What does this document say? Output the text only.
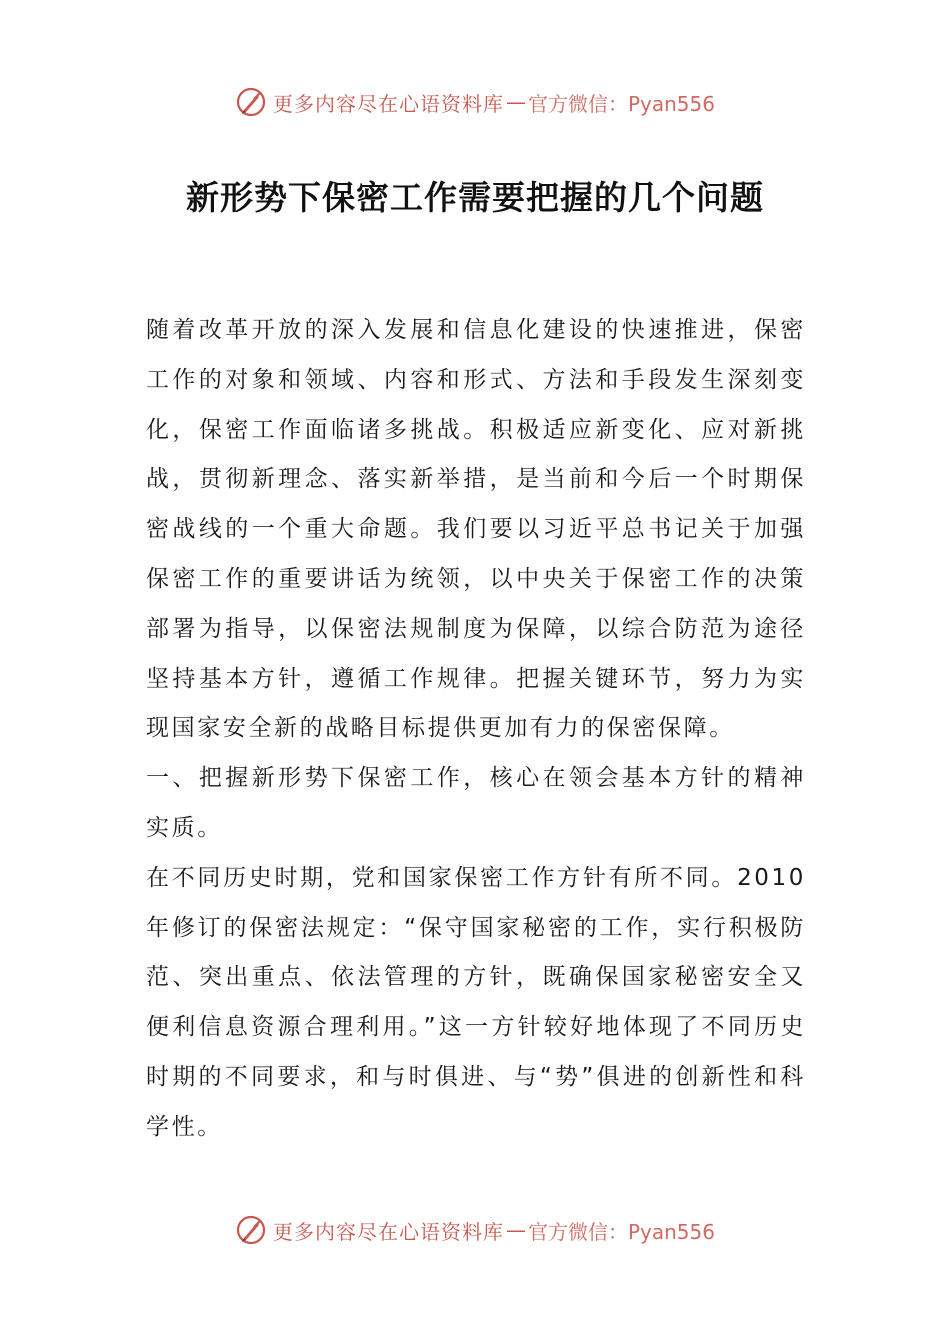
更多内容尽在心语资料库 — 官方微信：Pyan556
新形势下保密工作需要把握的几个问题

随着改革开放的深入发展和信息化建设的快速推进，保密工作的对象和领域、内容和形式、方法和手段发生深刻变化，保密工作面临诸多挑战。积极适应新变化、应对新挑战，贯彻新理念、落实新举措，是当前和今后一个时期保密战线的一个重大命题。我们要以习近平总书记关于加强保密工作的重要讲话为统领，以中央关于保密工作的决策部署为指导，以保密法规制度为保障，以综合防范为途径坚持基本方针，遵循工作规律。把握关键环节，努力为实现国家安全新的战略目标提供更加有力的保密保障。

一、把握新形势下保密工作，核心在领会基本方针的精神实质。

在不同历史时期，党和国家保密工作方针有所不同。2010年修订的保密法规定：“保守国家秘密的工作，实行积极防范、突出重点、依法管理的方针，既确保国家秘密安全又便利信息资源合理利用。”这一方针较好地体现了不同历史时期的不同要求，和与时俱进、与“势”俱进的创新性和科学性。

更多内容尽在心语资料库 — 官方微信：Pyan556
